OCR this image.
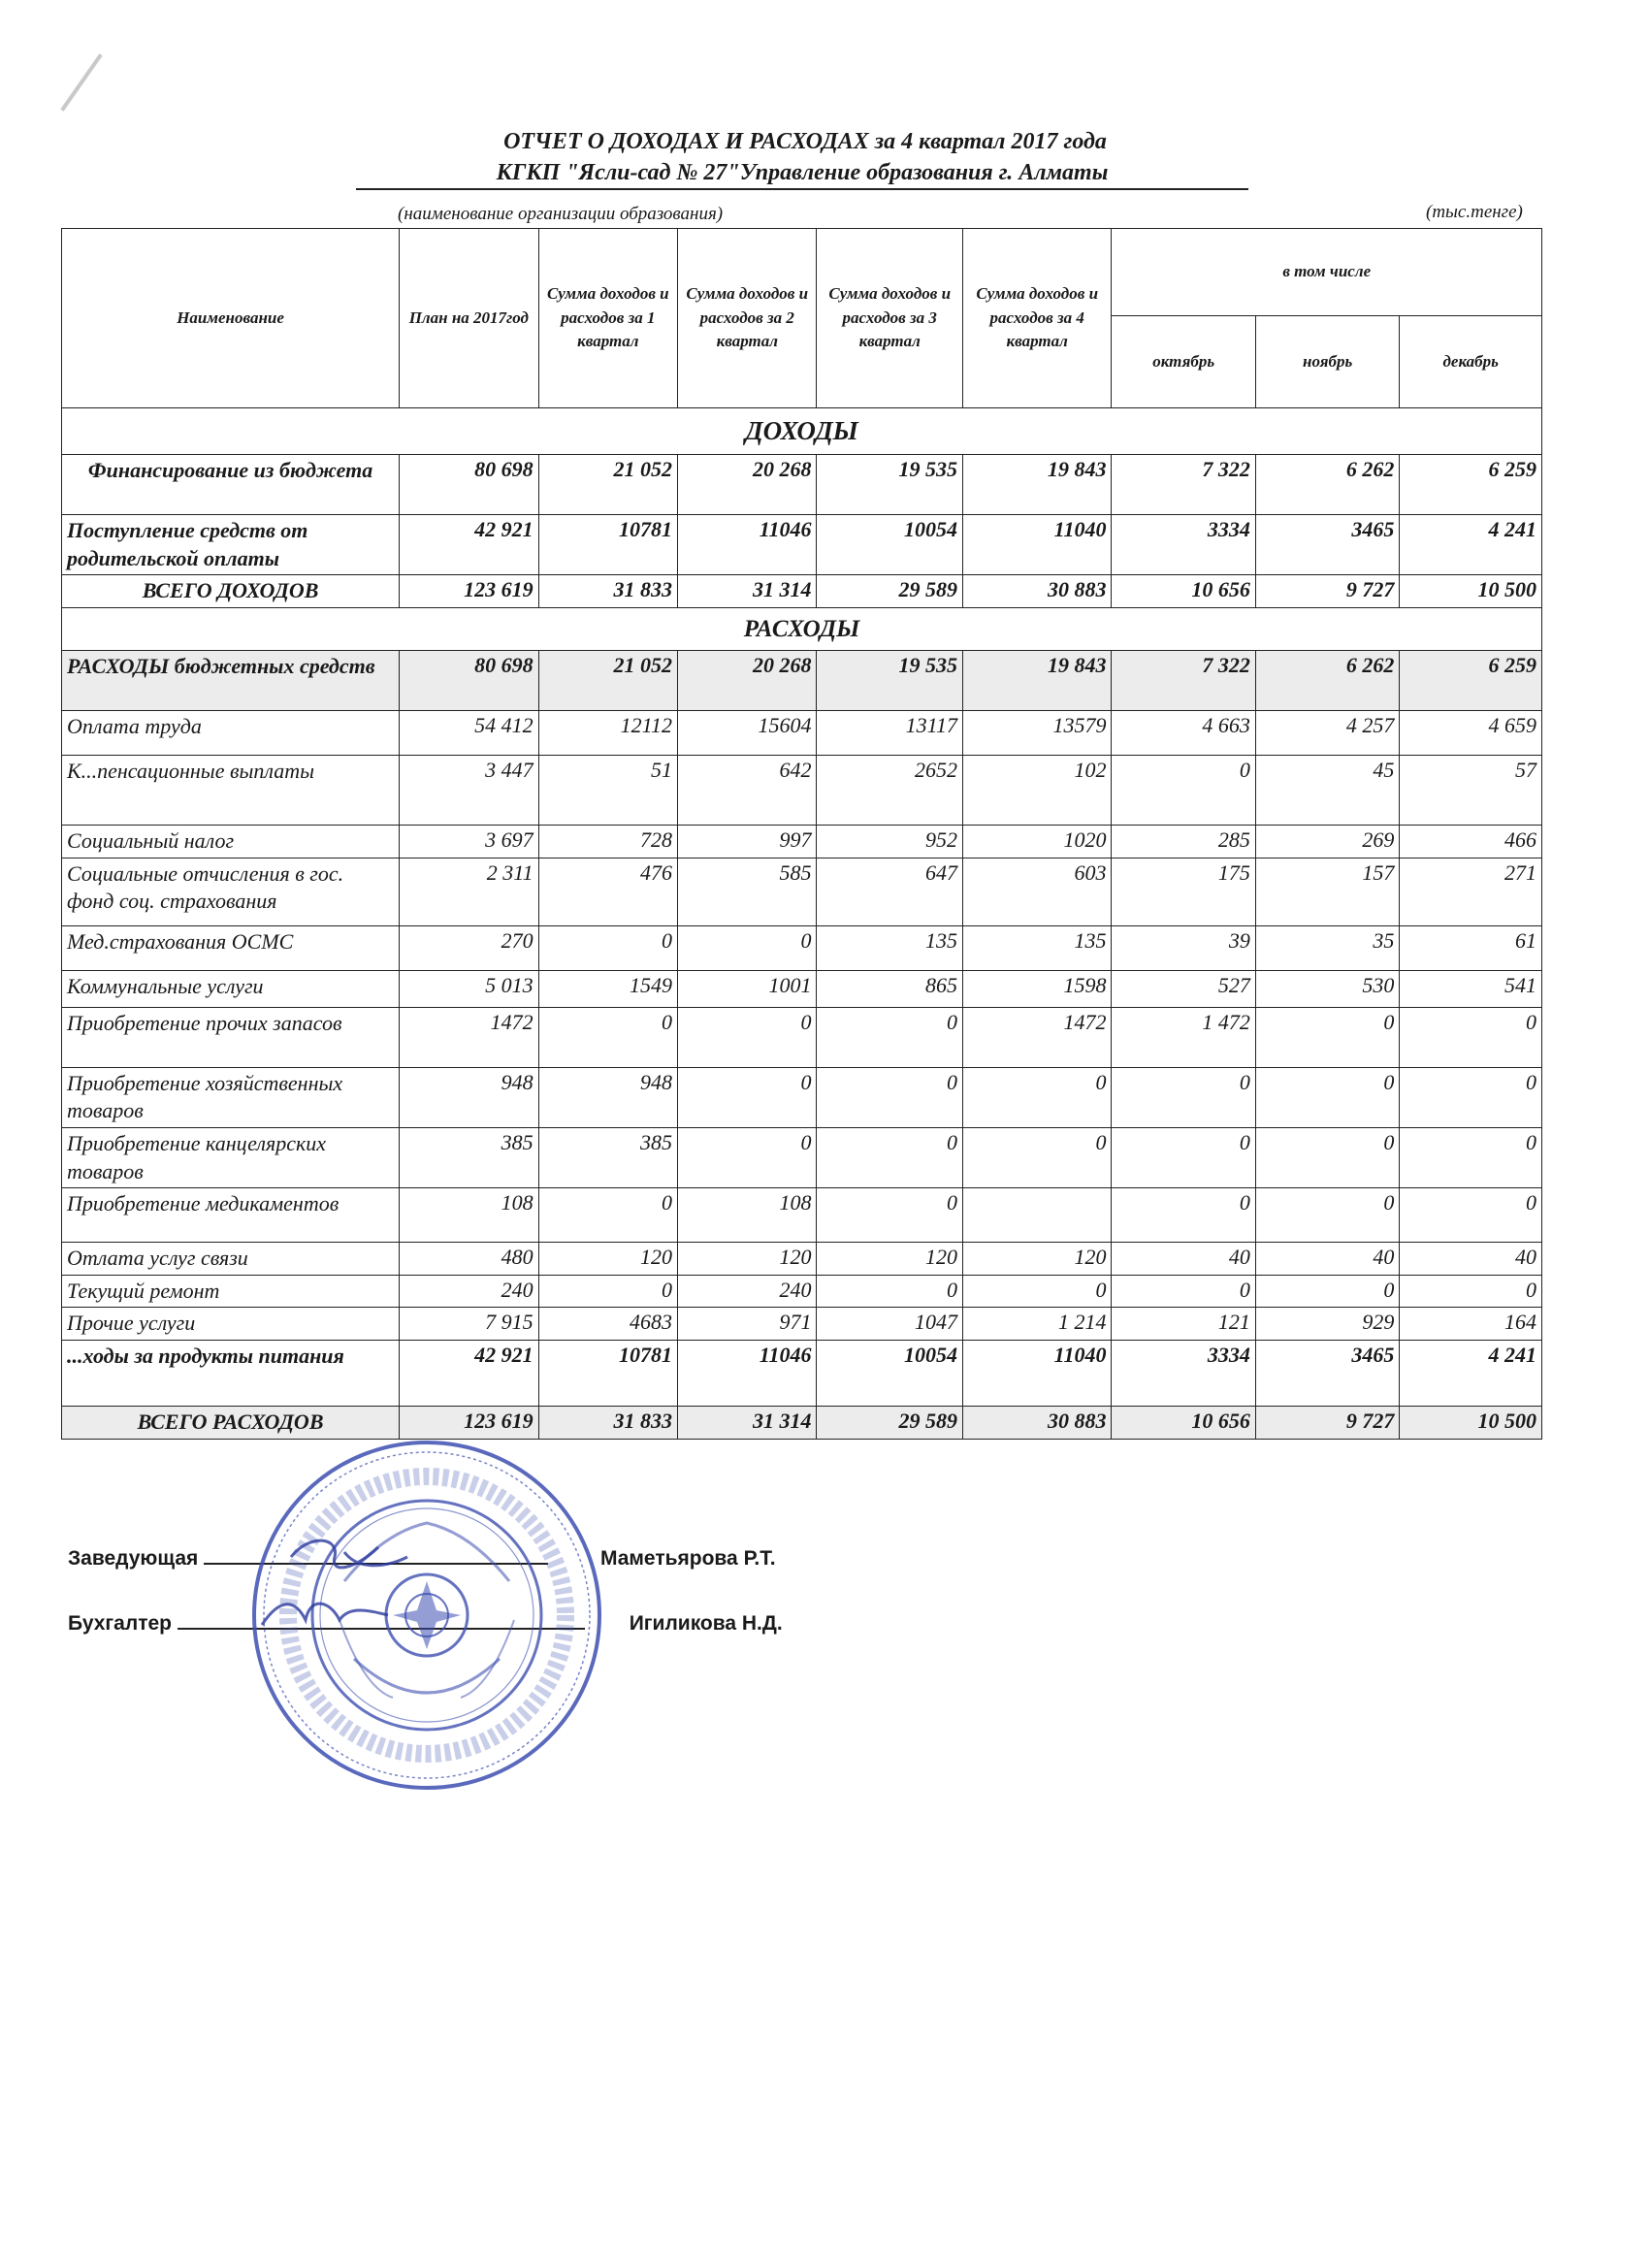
ОТЧЕТ О ДОХОДАХ И РАСХОДАХ за 4 квартал 2017 года
КГКП "Ясли-сад № 27"Управление образования г. Алматы
(наименование организации образования)	(тыс.тенге)
Наименование	План на 2017год	Сумма доходов и расходов за 1 квартал	Сумма доходов и расходов за 2 квартал	Сумма доходов и расходов за 3 квартал	Сумма доходов и расходов за 4 квартал	в том числе		
						октябрь	ноябрь	декабрь
ДОХОДЫ								
Финансирование из бюджета	80 698	21 052	20 268	19 535	19 843	7 322	6 262	6 259
Поступление средств от родительской оплаты	42 921	10781	11046	10054	11040	3334	3465	4 241
ВСЕГО ДОХОДОВ	123 619	31 833	31 314	29 589	30 883	10 656	9 727	10 500
РАСХОДЫ								
РАСХОДЫ бюджетных средств	80 698	21 052	20 268	19 535	19 843	7 322	6 262	6 259
Оплата труда	54 412	12112	15604	13117	13579	4 663	4 257	4 659
К...пенсационные выплаты	3 447	51	642	2652	102	0	45	57
Социальный налог	3 697	728	997	952	1020	285	269	466
Социальные отчисления в гос. фонд соц. страхования	2 311	476	585	647	603	175	157	271
Мед.страхования ОСМС	270	0	0	135	135	39	35	61
Коммунальные услуги	5 013	1549	1001	865	1598	527	530	541
Приобретение прочих запасов	1472	0	0	0	1472	1 472	0	0
Приобретение хозяйственных товаров	948	948	0	0	0	0	0	0
Приобретение канцелярских товаров	385	385	0	0	0	0	0	0
Приобретение медикаментов	108	0	108	0		0	0	0
Отлата услуг связи	480	120	120	120	120	40	40	40
Текущий ремонт	240	0	240	0	0	0	0	0
Прочие услуги	7 915	4683	971	1047	1 214	121	929	164
...ходы за продукты питания	42 921	10781	11046	10054	11040	3334	3465	4 241
ВСЕГО РАСХОДОВ	123 619	31 833	31 314	29 589	30 883	10 656	9 727	10 500
Заведующая	Маметьярова Р.Т.
Бухгалтер	Игиликова Н.Д.
